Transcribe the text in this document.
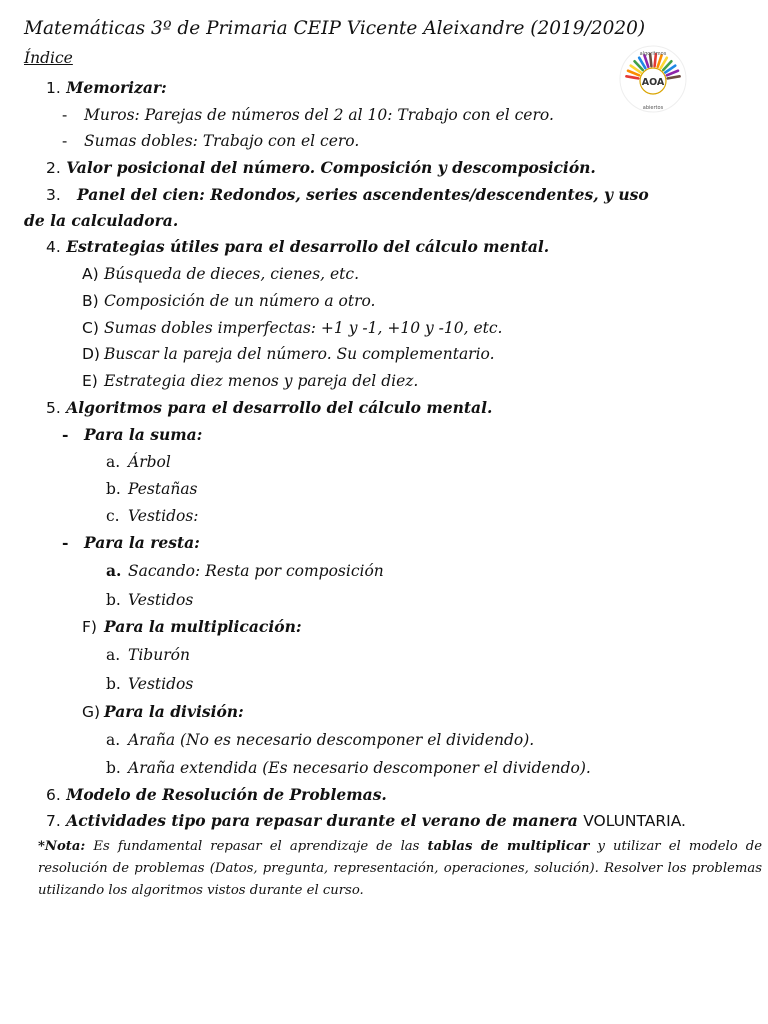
Matemáticas 3º de Primaria CEIP Vicente Aleixandre (2019/2020)
Índice
AOA
algoritmos
abiertos
1. Memorizar:
- Muros: Parejas de números del 2 al 10: Trabajo con el cero.
- Sumas dobles: Trabajo con el cero.
2. Valor posicional del número. Composición y descomposición.
3. Panel del cien: Redondos, series ascendentes/descendentes, y uso
de la calculadora.
4. Estrategias útiles para el desarrollo del cálculo mental.
A) Búsqueda de dieces, cienes, etc.
B) Composición de un número a otro.
C) Sumas dobles imperfectas: +1 y -1, +10 y -10, etc.
D) Buscar la pareja del número. Su complementario.
E) Estrategia diez menos y pareja del diez.
5. Algoritmos para el desarrollo del cálculo mental.
- Para la suma:
a. Árbol
b. Pestañas
c. Vestidos:
- Para la resta:
a. Sacando: Resta por composición
b. Vestidos
F) Para la multiplicación:
a. Tiburón
b. Vestidos
G) Para la división:
a. Araña (No es necesario descomponer el dividendo).
b. Araña extendida (Es necesario descomponer el dividendo).
6. Modelo de Resolución de Problemas.
7. Actividades tipo para repasar durante el verano de manera VOLUNTARIA.
*Nota: Es fundamental repasar el aprendizaje de las tablas de multiplicar y utilizar el modelo de resolución de problemas (Datos, pregunta, representación, operaciones, solución). Resolver los problemas utilizando los algoritmos vistos durante el curso.
